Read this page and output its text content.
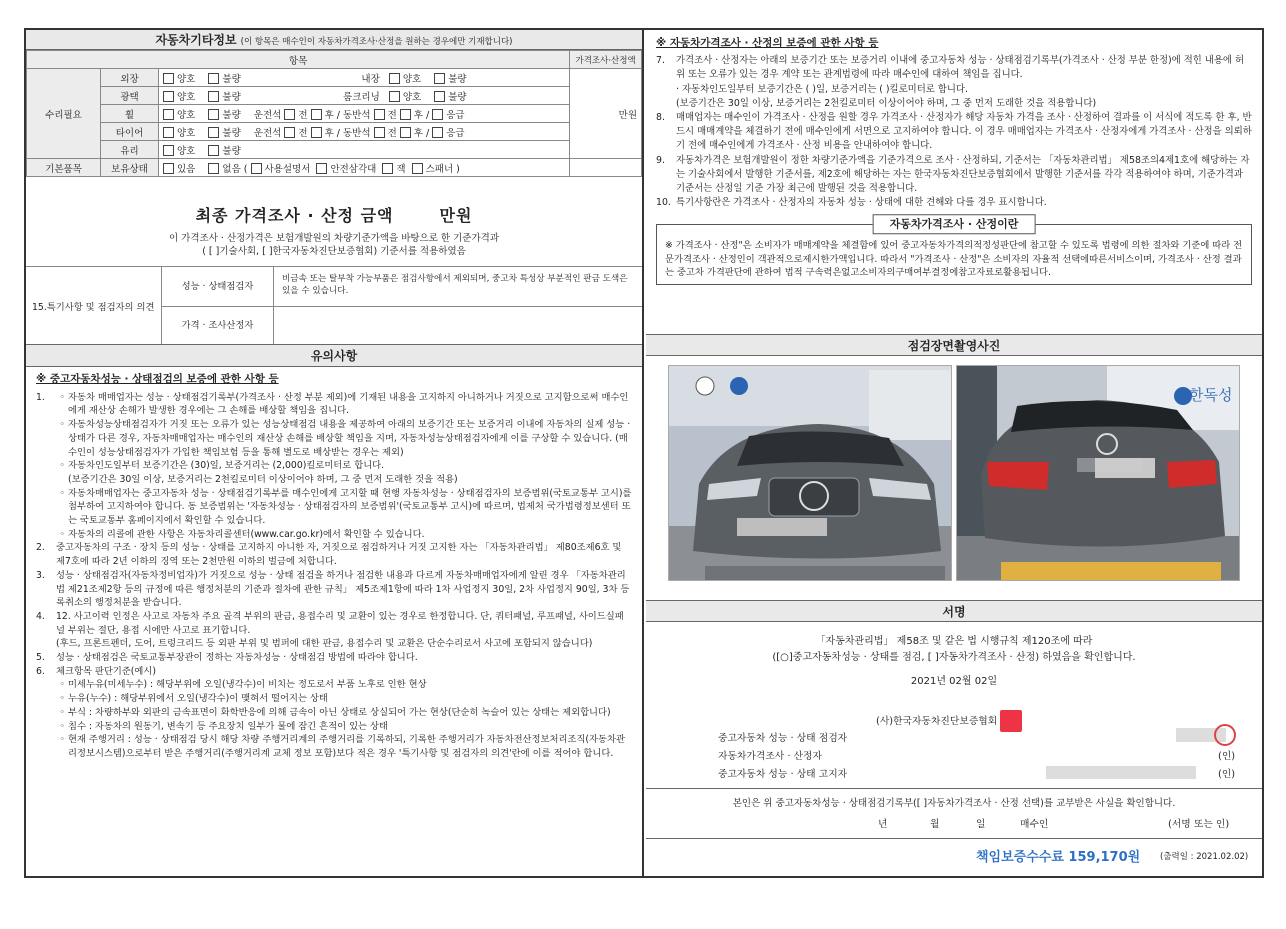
자동차기타정보 (이 항목은 매수인이 자동차가격조사·산정을 원하는 경우에만 기재합니다)
항목			가격조사·산정액
수리필요	외장	양호 불량 내장 양호 불량	만원
	광택	양호 불량 룸크리닝 양호 불량	
	휠	양호 불량 운전석 전 후 / 동반석 전 후 / 응급	
	타이어	양호 불량 운전석 전 후 / 동반석 전 후 / 응급	
	유리	양호 불량	
기본품목	보유상태	있음 없음 ( 사용설명서 안전삼각대 잭 스패너 )	
최종 가격조사 · 산정 금액	만원
이 가격조사 · 산정가격은 보험개발원의 차량기준가액을 바탕으로 한 기준가격과
( [ ]기술사회, [ ]한국자동차진단보증협회) 기준서를 적용하였음
15.특기사항 및 점검자의 의견
성능 · 상태점검자
비금속 또는 탈부착 가능부품은 점검사항에서 제외되며, 중고차 특성상 부분적인 판금 도색은 있을 수 있습니다.
가격 · 조사산정자
유의사항
※ 중고자동차성능 · 상태점검의 보증에 관한 사항 등
1.	◦ 자동차 매매업자는 성능 · 상태점검기록부(가격조사 · 산정 부분 제외)에 기재된 내용을 고지하지 아니하거나 거짓으로 고지함으로써 매수인에게 재산상 손해가 발생한 경우에는 그 손해를 배상할 책임을 집니다.
◦ 자동차성능상태점검자가 거짓 또는 오류가 있는 성능상태점검 내용을 제공하여 아래의 보증기간 또는 보증거리 이내에 자동차의 실제 성능 · 상태가 다른 경우, 자동차매매업자는 매수인의 재산상 손해를 배상할 책임을 지며, 자동차성능상태점검자에게 이를 구상할 수 있습니다. (매수인이 성능상태점검자가 가입한 책임보험 등을 통해 별도로 배상받는 경우는 제외)
◦ 자동차인도일부터 보증기간은 (30)일, 보증거리는 (2,000)킬로미터로 합니다.
(보증기간은 30일 이상, 보증거리는 2천킬로미터 이상이어야 하며, 그 중 먼저 도래한 것을 적용)
◦ 자동차매매업자는 중고자동차 성능 · 상태점검기록부를 매수인에게 고지할 때 현행 자동차성능 · 상태점검자의 보증범위(국토교통부 고시)를 첨부하여 고지하여야 합니다. 동 보증범위는 '자동차성능 · 상태점검자의 보증범위'(국토교통부 고시)에 따르며, 법제처 국가법령정보센터 또는 국토교통부 홈페이지에서 확인할 수 있습니다.
◦ 자동차의 리콜에 관한 사항은 자동차리콜센터(www.car.go.kr)에서 확인할 수 있습니다.
2.	중고자동차의 구조 · 장치 등의 성능 · 상태를 고지하지 아니한 자, 거짓으로 점검하거나 거짓 고지한 자는 「자동차관리법」 제80조제6호 및 제7호에 따라 2년 이하의 징역 또는 2천만원 이하의 벌금에 처합니다.
3.	성능 · 상태점검자(자동차정비업자)가 거짓으로 성능 · 상태 점검을 하거나 점검한 내용과 다르게 자동차매매업자에게 알린 경우 「자동차관리법 제21조제2항 등의 규정에 따른 행정처분의 기준과 절차에 관한 규칙」 제5조제1항에 따라 1차 사업정지 30일, 2차 사업정지 90일, 3차 등록취소의 행정처분을 받습니다.
4.	12. 사고이력 인정은 사고로 자동차 주요 골격 부위의 판금, 용접수리 및 교환이 있는 경우로 한정합니다. 단, 쿼터패널, 루프패널, 사이드실패널 부위는 절단, 용접 시에만 사고로 표기합니다.
(후드, 프론트펜더, 도어, 트렁크리드 등 외판 부위 및 범퍼에 대한 판금, 용접수리 및 교환은 단순수리로서 사고에 포함되지 않습니다)
5.	성능 · 상태점검은 국토교통부장관이 정하는 자동차성능 · 상태점검 방법에 따라야 합니다.
6.	체크항목 판단기준(예시)
◦ 미세누유(미세누수) : 해당부위에 오일(냉각수)이 비치는 정도로서 부품 노후로 인한 현상
◦ 누유(누수) : 해당부위에서 오일(냉각수)이 맺혀서 떨어지는 상태
◦ 부식 : 차량하부와 외판의 금속표면이 화학반응에 의해 금속이 아닌 상태로 상실되어 가는 현상(단순히 녹슬어 있는 상태는 제외합니다)
◦ 침수 : 자동차의 원동기, 변속기 등 주요장치 일부가 물에 잠긴 흔적이 있는 상태
◦ 현재 주행거리 : 성능 · 상태점검 당시 해당 차량 주행거리계의 주행거리를 기록하되, 기록한 주행거리가 자동차전산정보처리조직(자동차관리정보시스템)으로부터 받은 주행거리(주행거리계 교체 정보 포함)보다 적은 경우 '특기사항 및 점검자의 의견'란에 이를 적어야 합니다.
※ 자동차가격조사 · 산정의 보증에 관한 사항 등
7.	가격조사 · 산정자는 아래의 보증기간 또는 보증거리 이내에 중고자동차 성능 · 상태점검기록부(가격조사 · 산정 부분 한정)에 적힌 내용에 허위 또는 오류가 있는 경우 계약 또는 관계법령에 따라 매수인에 대하여 책임을 집니다.
· 자동차인도일부터 보증기간은 ( )일, 보증거리는 ( )킬로미터로 합니다.
(보증기간은 30일 이상, 보증거리는 2천킬로미터 이상이어야 하며, 그 중 먼저 도래한 것을 적용합니다)
8.	매매업자는 매수인이 가격조사 · 산정을 원할 경우 가격조사 · 산정자가 해당 자동차 가격을 조사 · 산정하여 결과를 이 서식에 적도록 한 후, 반드시 매매계약을 체결하기 전에 매수인에게 서면으로 고지하여야 합니다. 이 경우 매매업자는 가격조사 · 산정자에게 가격조사 · 산정을 의뢰하기 전에 매수인에게 가격조사 · 산정 비용을 안내하여야 합니다.
9.	자동차가격은 보험개발원이 정한 차량기준가액을 기준가격으로 조사 · 산정하되, 기준서는 「자동차관리법」 제58조의4제1호에 해당하는 자는 기술사회에서 발행한 기준서를, 제2호에 해당하는 자는 한국자동차진단보증협회에서 발행한 기준서를 각각 적용하여야 하며, 기준가격과 기준서는 산정일 기준 가장 최근에 발행된 것을 적용합니다.
10. 특기사항란은 가격조사 · 산정자의 자동차 성능 · 상태에 대한 견해와 다를 경우 표시합니다.
자동차가격조사 · 산정이란
※ 가격조사 · 산정"은 소비자가 매매계약을 체결함에 있어 중고자동차가격의적정성판단에 참고할 수 있도록 법령에 의한 절차와 기준에 따라 전문가격조사 · 산정인이 객관적으로제시한가액입니다. 따라서 "가격조사 · 산정"은 소비자의 자율적 선택에따른서비스이며, 가격조사 · 산정 결과는 중고차 가격판단에 관하여 법적 구속력은없고소비자의구매여부결정에참고자료로활용됩니다.
점검장면촬영사진
한독성
서명
「자동차관리법」 제58조 및 같은 법 시행규칙 제120조에 따라
([○]중고자동차성능 · 상태를 점검, [ ]자동차가격조사 · 산정) 하였음을 확인합니다.
2021년 02월 02일
(사)한국자동차진단보증협회
중고자동차 성능 · 상태 점검자
자동차가격조사 · 산정자	(인)
중고자동차 성능 · 상태 고지자	(인)
본인은 위 중고자동차성능 · 상태점검기록부([ ]자동차가격조사 · 산정 선택)를 교부받은 사실을 확인합니다.
년	월	일	매수인	(서명 또는 인)
책임보증수수료 159,170원 (출력일 : 2021.02.02)
